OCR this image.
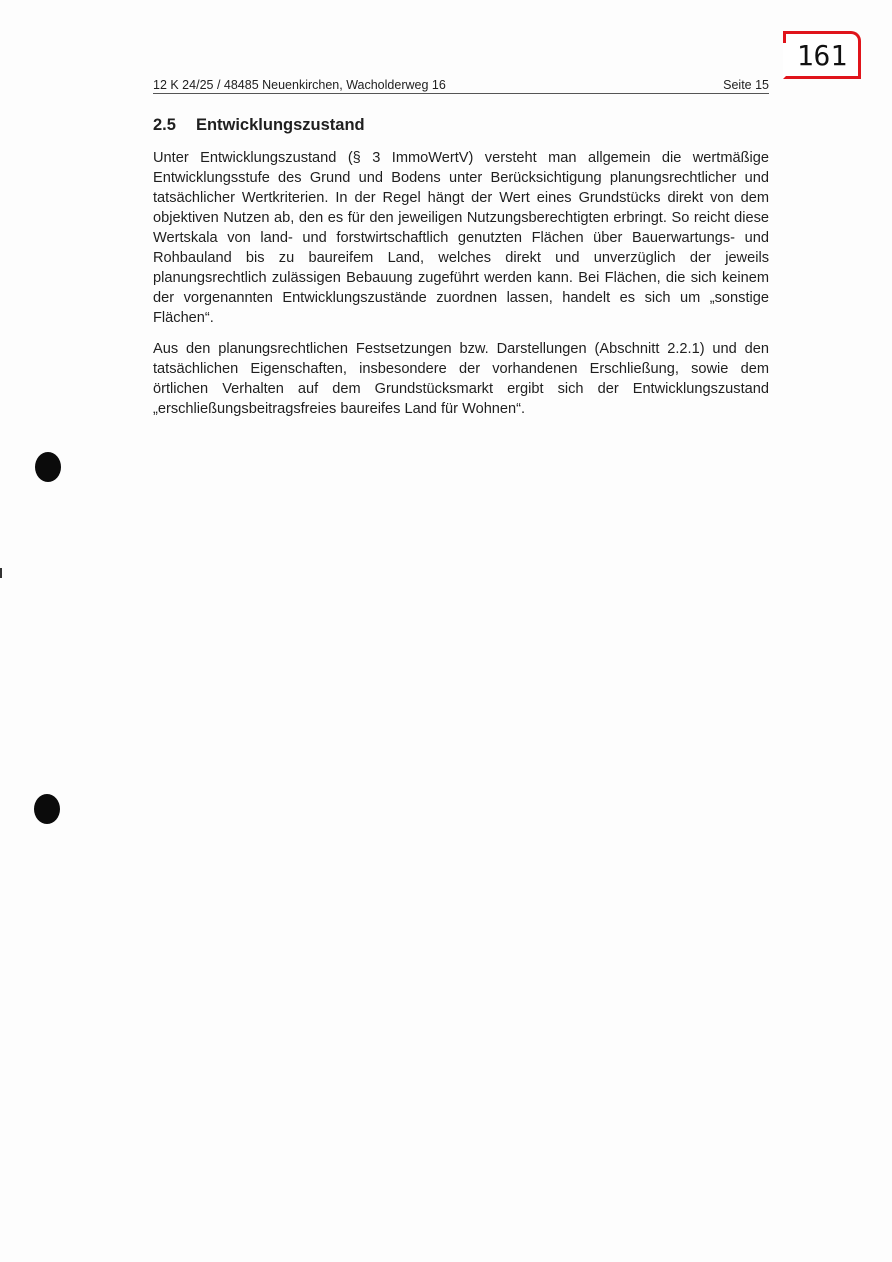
161
12 K 24/25 / 48485 Neuenkirchen, Wacholderweg 16	Seite 15
2.5 Entwicklungszustand

Unter Entwicklungszustand (§ 3 ImmoWertV) versteht man allgemein die wertmäßige Entwicklungsstufe des Grund und Bodens unter Berücksichtigung planungsrechtlicher und tatsächlicher Wertkriterien. In der Regel hängt der Wert eines Grundstücks direkt von dem objektiven Nutzen ab, den es für den jeweiligen Nutzungsberechtigten erbringt. So reicht diese Wertskala von land- und forstwirtschaftlich genutzten Flächen über Bauerwartungs- und Rohbauland bis zu baureifem Land, welches direkt und unverzüglich der jeweils planungsrechtlich zulässigen Bebauung zugeführt werden kann. Bei Flächen, die sich keinem der vorgenannten Entwicklungszustände zuordnen lassen, handelt es sich um „sonstige Flächen“.

Aus den planungsrechtlichen Festsetzungen bzw. Darstellungen (Abschnitt 2.2.1) und den tatsächlichen Eigenschaften, insbesondere der vorhandenen Erschließung, sowie dem örtlichen Verhalten auf dem Grundstücksmarkt ergibt sich der Entwicklungszustand „erschließungsbeitragsfreies baureifes Land für Wohnen“.
